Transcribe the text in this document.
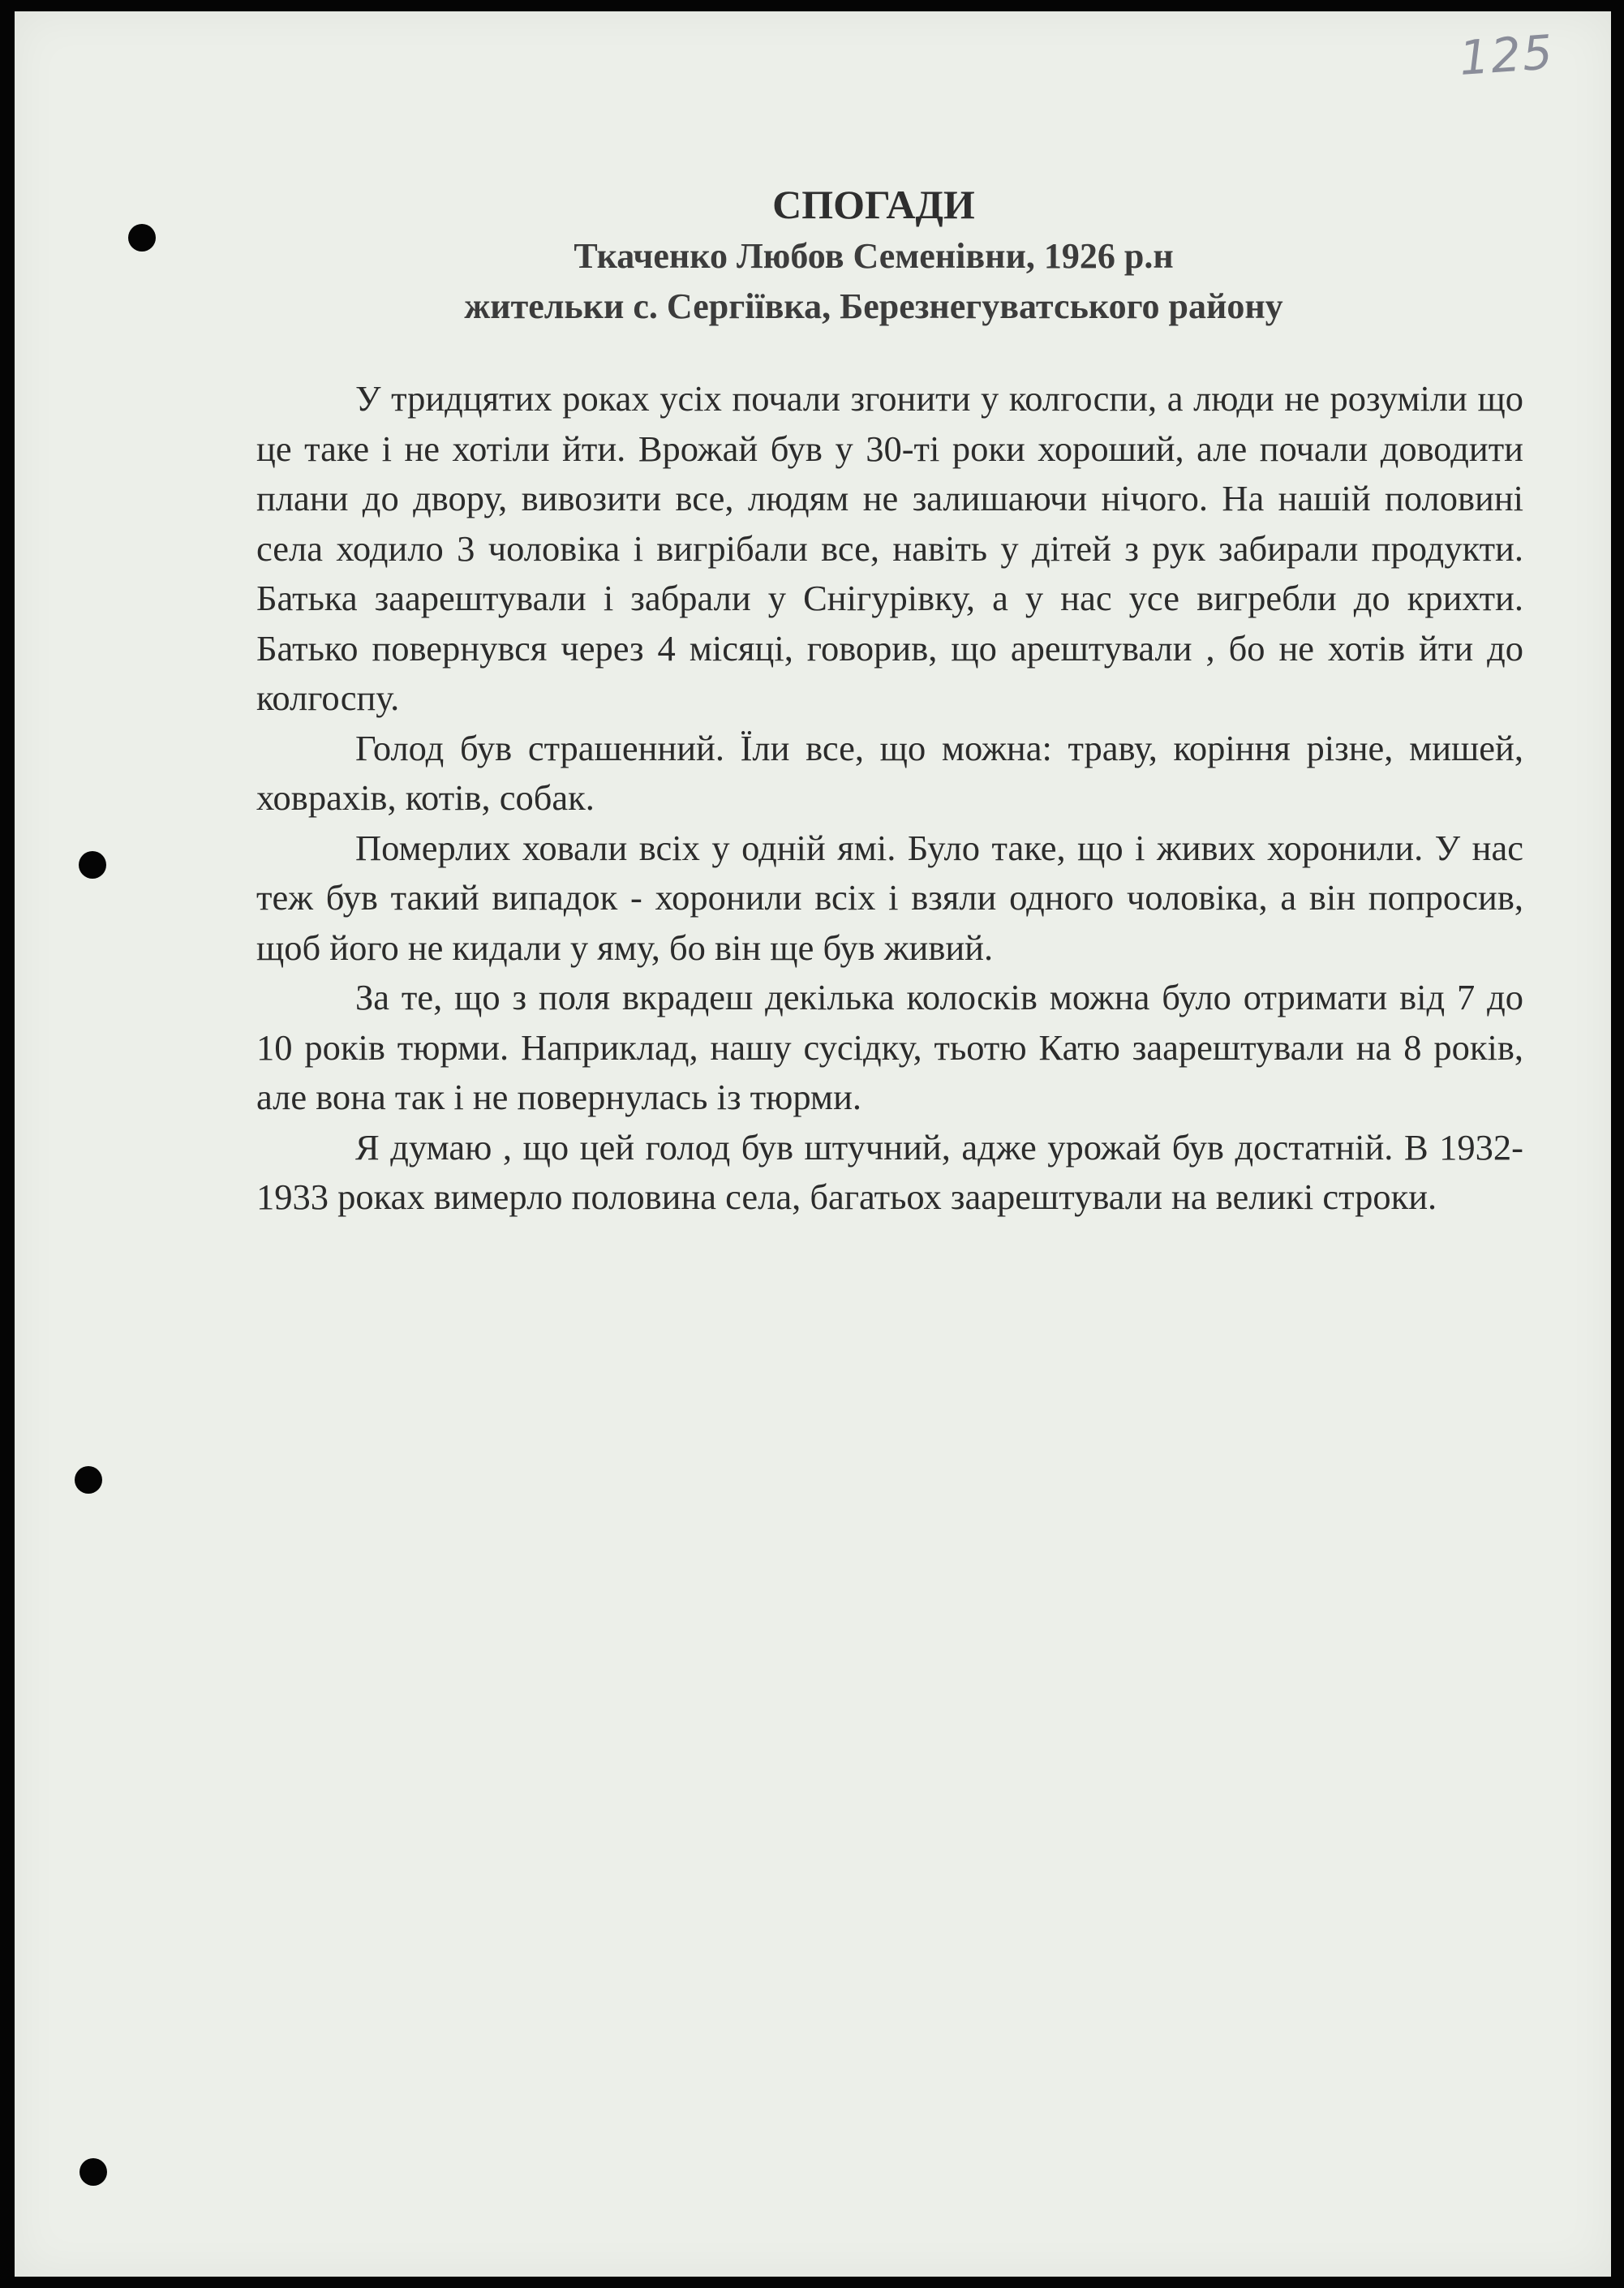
125
СПОГАДИ
Ткаченко Любов Семенівни, 1926 р.н
жительки с. Сергіївка, Березнегуватського району

У тридцятих роках усіх почали згонити у колгоспи, а люди не розуміли що це таке і не хотіли йти. Врожай був у 30-ті роки хороший, але почали доводити плани до двору, вивозити все, людям не залишаючи нічого. На нашій половині села ходило 3 чоловіка і вигрібали все, навіть у дітей з рук забирали продукти. Батька заарештували і забрали у Снігурівку, а у нас усе вигребли до крихти. Батько повернувся через 4 місяці, говорив, що арештували , бо не хотів йти до колгоспу.

Голод був страшенний. Їли все, що можна: траву, коріння різне, мишей, ховрахів, котів, собак.

Померлих ховали всіх у одній ямі. Було таке, що і живих хоронили. У нас теж був такий випадок - хоронили всіх і взяли одного чоловіка, а він попросив, щоб його не кидали у яму, бо він ще був живий.

За те, що з поля вкрадеш декілька колосків можна було отримати від 7 до 10 років тюрми. Наприклад, нашу сусідку, тьотю Катю заарештували на 8 років, але вона так і не повернулась із тюрми.

Я думаю , що цей голод був штучний, адже урожай був достатній. В 1932-1933 роках вимерло половина села, багатьох заарештували на великі строки.
